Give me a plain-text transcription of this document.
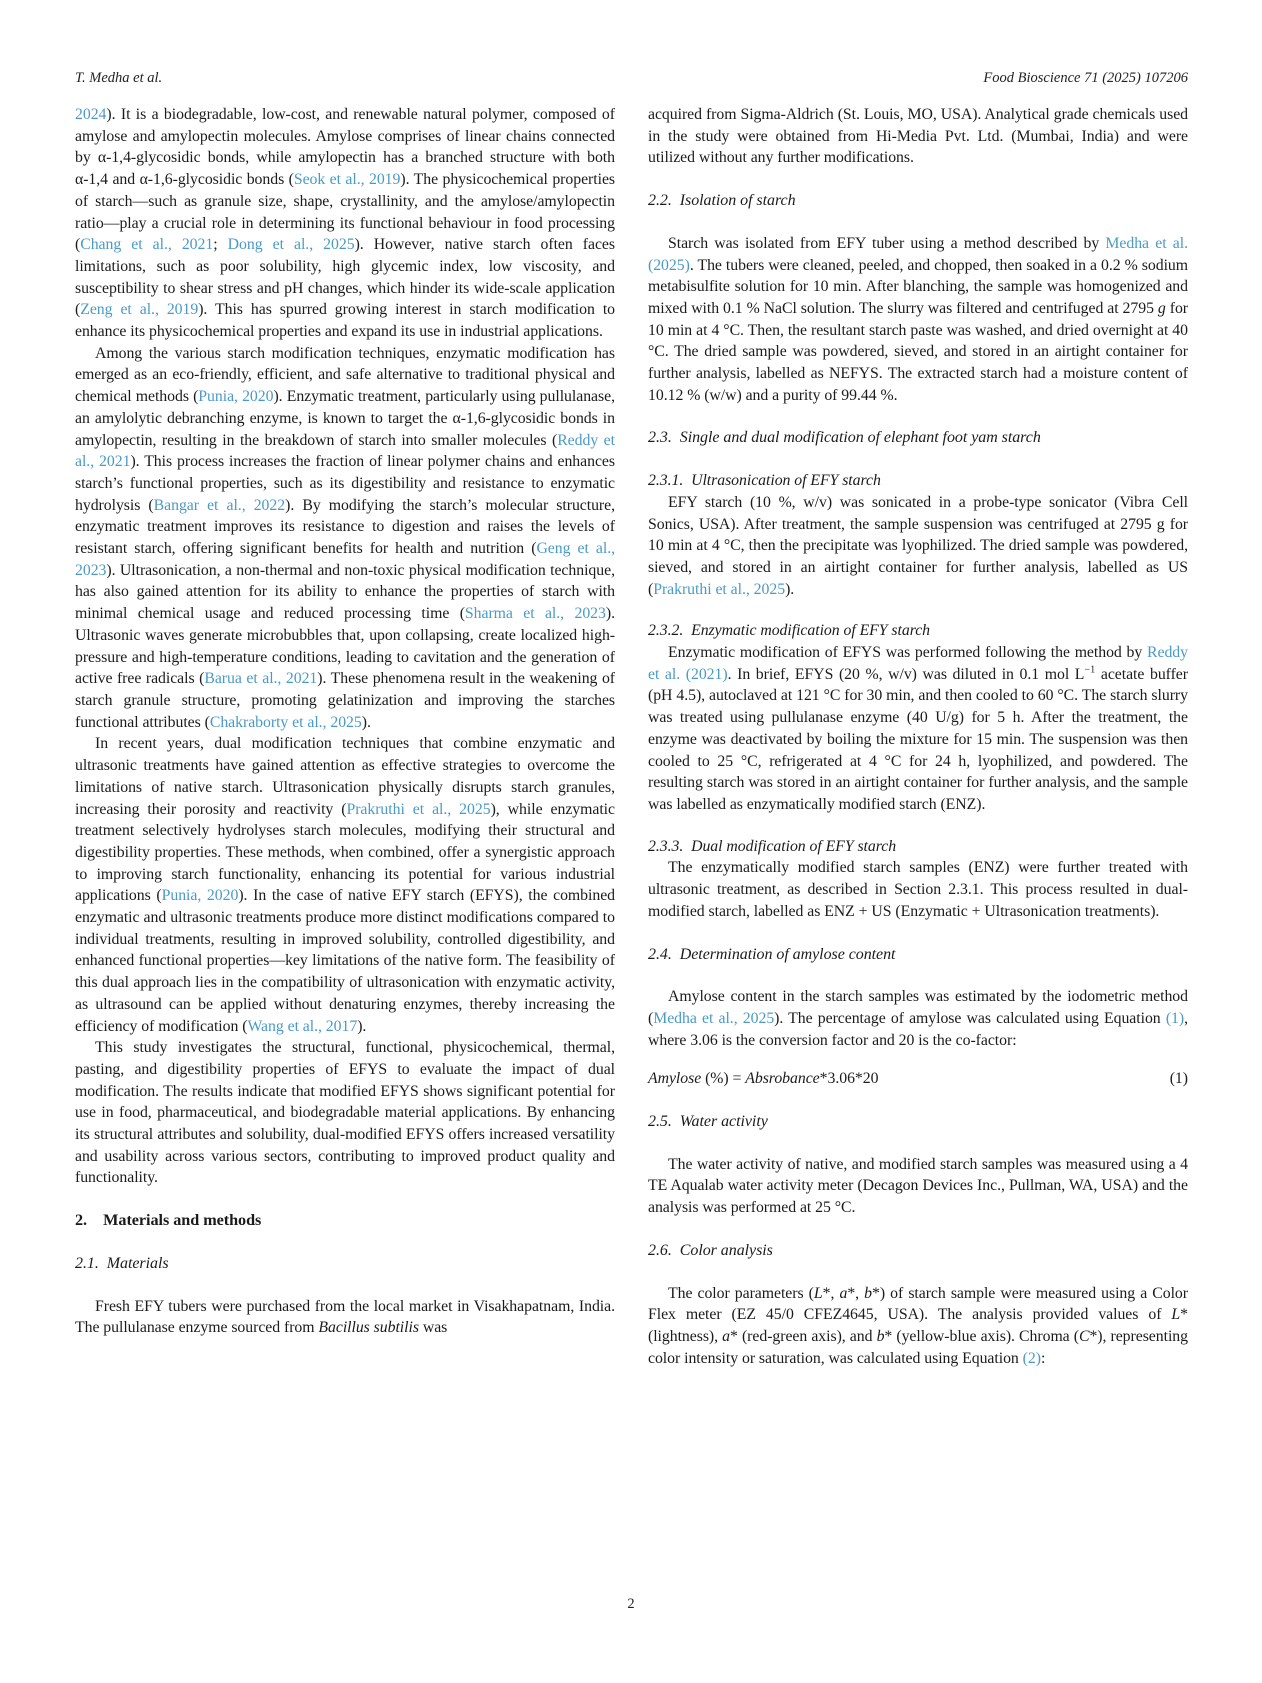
T. Medha et al.	Food Bioscience 71 (2025) 107206

2024). It is a biodegradable, low-cost, and renewable natural polymer, composed of amylose and amylopectin molecules. Amylose comprises of linear chains connected by α-1,4-glycosidic bonds, while amylopectin has a branched structure with both α-1,4 and α-1,6-glycosidic bonds (Seok et al., 2019). The physicochemical properties of starch—such as granule size, shape, crystallinity, and the amylose/amylopectin ratio—play a crucial role in determining its functional behaviour in food processing (Chang et al., 2021; Dong et al., 2025). However, native starch often faces limitations, such as poor solubility, high glycemic index, low viscosity, and susceptibility to shear stress and pH changes, which hinder its wide-scale application (Zeng et al., 2019). This has spurred growing interest in starch modification to enhance its physicochemical properties and expand its use in industrial applications.

Among the various starch modification techniques, enzymatic modification has emerged as an eco-friendly, efficient, and safe alternative to traditional physical and chemical methods (Punia, 2020). Enzymatic treatment, particularly using pullulanase, an amylolytic debranching enzyme, is known to target the α-1,6-glycosidic bonds in amylopectin, resulting in the breakdown of starch into smaller molecules (Reddy et al., 2021). This process increases the fraction of linear polymer chains and enhances starch’s functional properties, such as its digestibility and resistance to enzymatic hydrolysis (Bangar et al., 2022). By modifying the starch’s molecular structure, enzymatic treatment improves its resistance to digestion and raises the levels of resistant starch, offering significant benefits for health and nutrition (Geng et al., 2023). Ultrasonication, a non-thermal and non-toxic physical modification technique, has also gained attention for its ability to enhance the properties of starch with minimal chemical usage and reduced processing time (Sharma et al., 2023). Ultrasonic waves generate microbubbles that, upon collapsing, create localized high-pressure and high-temperature conditions, leading to cavitation and the generation of active free radicals (Barua et al., 2021). These phenomena result in the weakening of starch granule structure, promoting gelatinization and improving the starches functional attributes (Chakraborty et al., 2025).

In recent years, dual modification techniques that combine enzymatic and ultrasonic treatments have gained attention as effective strategies to overcome the limitations of native starch. Ultrasonication physically disrupts starch granules, increasing their porosity and reactivity (Prakruthi et al., 2025), while enzymatic treatment selectively hydrolyses starch molecules, modifying their structural and digestibility properties. These methods, when combined, offer a synergistic approach to improving starch functionality, enhancing its potential for various industrial applications (Punia, 2020). In the case of native EFY starch (EFYS), the combined enzymatic and ultrasonic treatments produce more distinct modifications compared to individual treatments, resulting in improved solubility, controlled digestibility, and enhanced functional properties—key limitations of the native form. The feasibility of this dual approach lies in the compatibility of ultrasonication with enzymatic activity, as ultrasound can be applied without denaturing enzymes, thereby increasing the efficiency of modification (Wang et al., 2017).

This study investigates the structural, functional, physicochemical, thermal, pasting, and digestibility properties of EFYS to evaluate the impact of dual modification. The results indicate that modified EFYS shows significant potential for use in food, pharmaceutical, and biodegradable material applications. By enhancing its structural attributes and solubility, dual-modified EFYS offers increased versatility and usability across various sectors, contributing to improved product quality and functionality.

2. Materials and methods
2.1. Materials

Fresh EFY tubers were purchased from the local market in Visakhapatnam, India. The pullulanase enzyme sourced from Bacillus subtilis was

acquired from Sigma-Aldrich (St. Louis, MO, USA). Analytical grade chemicals used in the study were obtained from Hi-Media Pvt. Ltd. (Mumbai, India) and were utilized without any further modifications.

2.2. Isolation of starch

Starch was isolated from EFY tuber using a method described by Medha et al. (2025). The tubers were cleaned, peeled, and chopped, then soaked in a 0.2 % sodium metabisulfite solution for 10 min. After blanching, the sample was homogenized and mixed with 0.1 % NaCl solution. The slurry was filtered and centrifuged at 2795 g for 10 min at 4 °C. Then, the resultant starch paste was washed, and dried overnight at 40 °C. The dried sample was powdered, sieved, and stored in an airtight container for further analysis, labelled as NEFYS. The extracted starch had a moisture content of 10.12 % (w/w) and a purity of 99.44 %.

2.3. Single and dual modification of elephant foot yam starch
2.3.1. Ultrasonication of EFY starch

EFY starch (10 %, w/v) was sonicated in a probe-type sonicator (Vibra Cell Sonics, USA). After treatment, the sample suspension was centrifuged at 2795 g for 10 min at 4 °C, then the precipitate was lyophilized. The dried sample was powdered, sieved, and stored in an airtight container for further analysis, labelled as US (Prakruthi et al., 2025).

2.3.2. Enzymatic modification of EFY starch

Enzymatic modification of EFYS was performed following the method by Reddy et al. (2021). In brief, EFYS (20 %, w/v) was diluted in 0.1 mol $L^{-1}$ acetate buffer (pH 4.5), autoclaved at 121 °C for 30 min, and then cooled to 60 °C. The starch slurry was treated using pullulanase enzyme (40 U/g) for 5 h. After the treatment, the enzyme was deactivated by boiling the mixture for 15 min. The suspension was then cooled to 25 °C, refrigerated at 4 °C for 24 h, lyophilized, and powdered. The resulting starch was stored in an airtight container for further analysis, and the sample was labelled as enzymatically modified starch (ENZ).

2.3.3. Dual modification of EFY starch

The enzymatically modified starch samples (ENZ) were further treated with ultrasonic treatment, as described in Section 2.3.1. This process resulted in dual-modified starch, labelled as ENZ + US (Enzymatic + Ultrasonication treatments).

2.4. Determination of amylose content

Amylose content in the starch samples was estimated by the iodometric method (Medha et al., 2025). The percentage of amylose was calculated using Equation (1), where 3.06 is the conversion factor and 20 is the co-factor:

Amylose (%) = Absrobance*3.06*20	(1)
2.5. Water activity

The water activity of native, and modified starch samples was measured using a 4 TE Aqualab water activity meter (Decagon Devices Inc., Pullman, WA, USA) and the analysis was performed at 25 °C.

2.6. Color analysis

The color parameters (L*, a*, b*) of starch sample were measured using a Color Flex meter (EZ 45/0 CFEZ4645, USA). The analysis provided values of L* (lightness), a* (red-green axis), and b* (yellow-blue axis). Chroma (C*), representing color intensity or saturation, was calculated using Equation (2):

2
